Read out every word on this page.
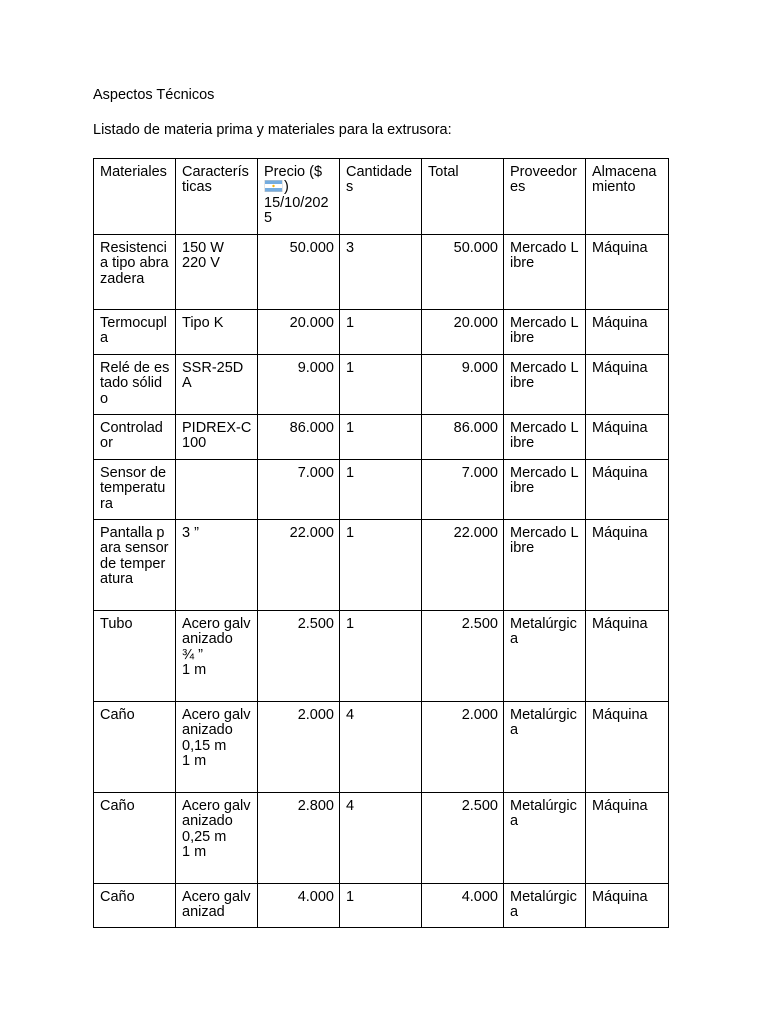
Aspectos Técnicos
Listado de materia prima y materiales para la extrusora:
Materiales	Características	Precio ($
)
15/10/2025	Cantidades	Total	Proveedores	Almacenamiento
Resistencia tipo abrazadera	150 W
220 V	50.000	3	50.000	Mercado Libre	Máquina
Termocupla	Tipo K	20.000	1	20.000	Mercado Libre	Máquina
Relé de estado sólido	SSR-25DA	9.000	1	9.000	Mercado Libre	Máquina
Controlador	PIDREX-C100	86.000	1	86.000	Mercado Libre	Máquina
Sensor de temperatura		7.000	1	7.000	Mercado Libre	Máquina
Pantalla para sensor de temperatura	3 ”	22.000	1	22.000	Mercado Libre	Máquina
Tubo	Acero galvanizado
¾ ”
1 m	2.500	1	2.500	Metalúrgica	Máquina
Caño	Acero galvanizado
0,15 m
1 m	2.000	4	2.000	Metalúrgica	Máquina
Caño	Acero galvanizado
0,25 m
1 m	2.800	4	2.500	Metalúrgica	Máquina
Caño	Acero galvanizad	4.000	1	4.000	Metalúrgica	Máquina
